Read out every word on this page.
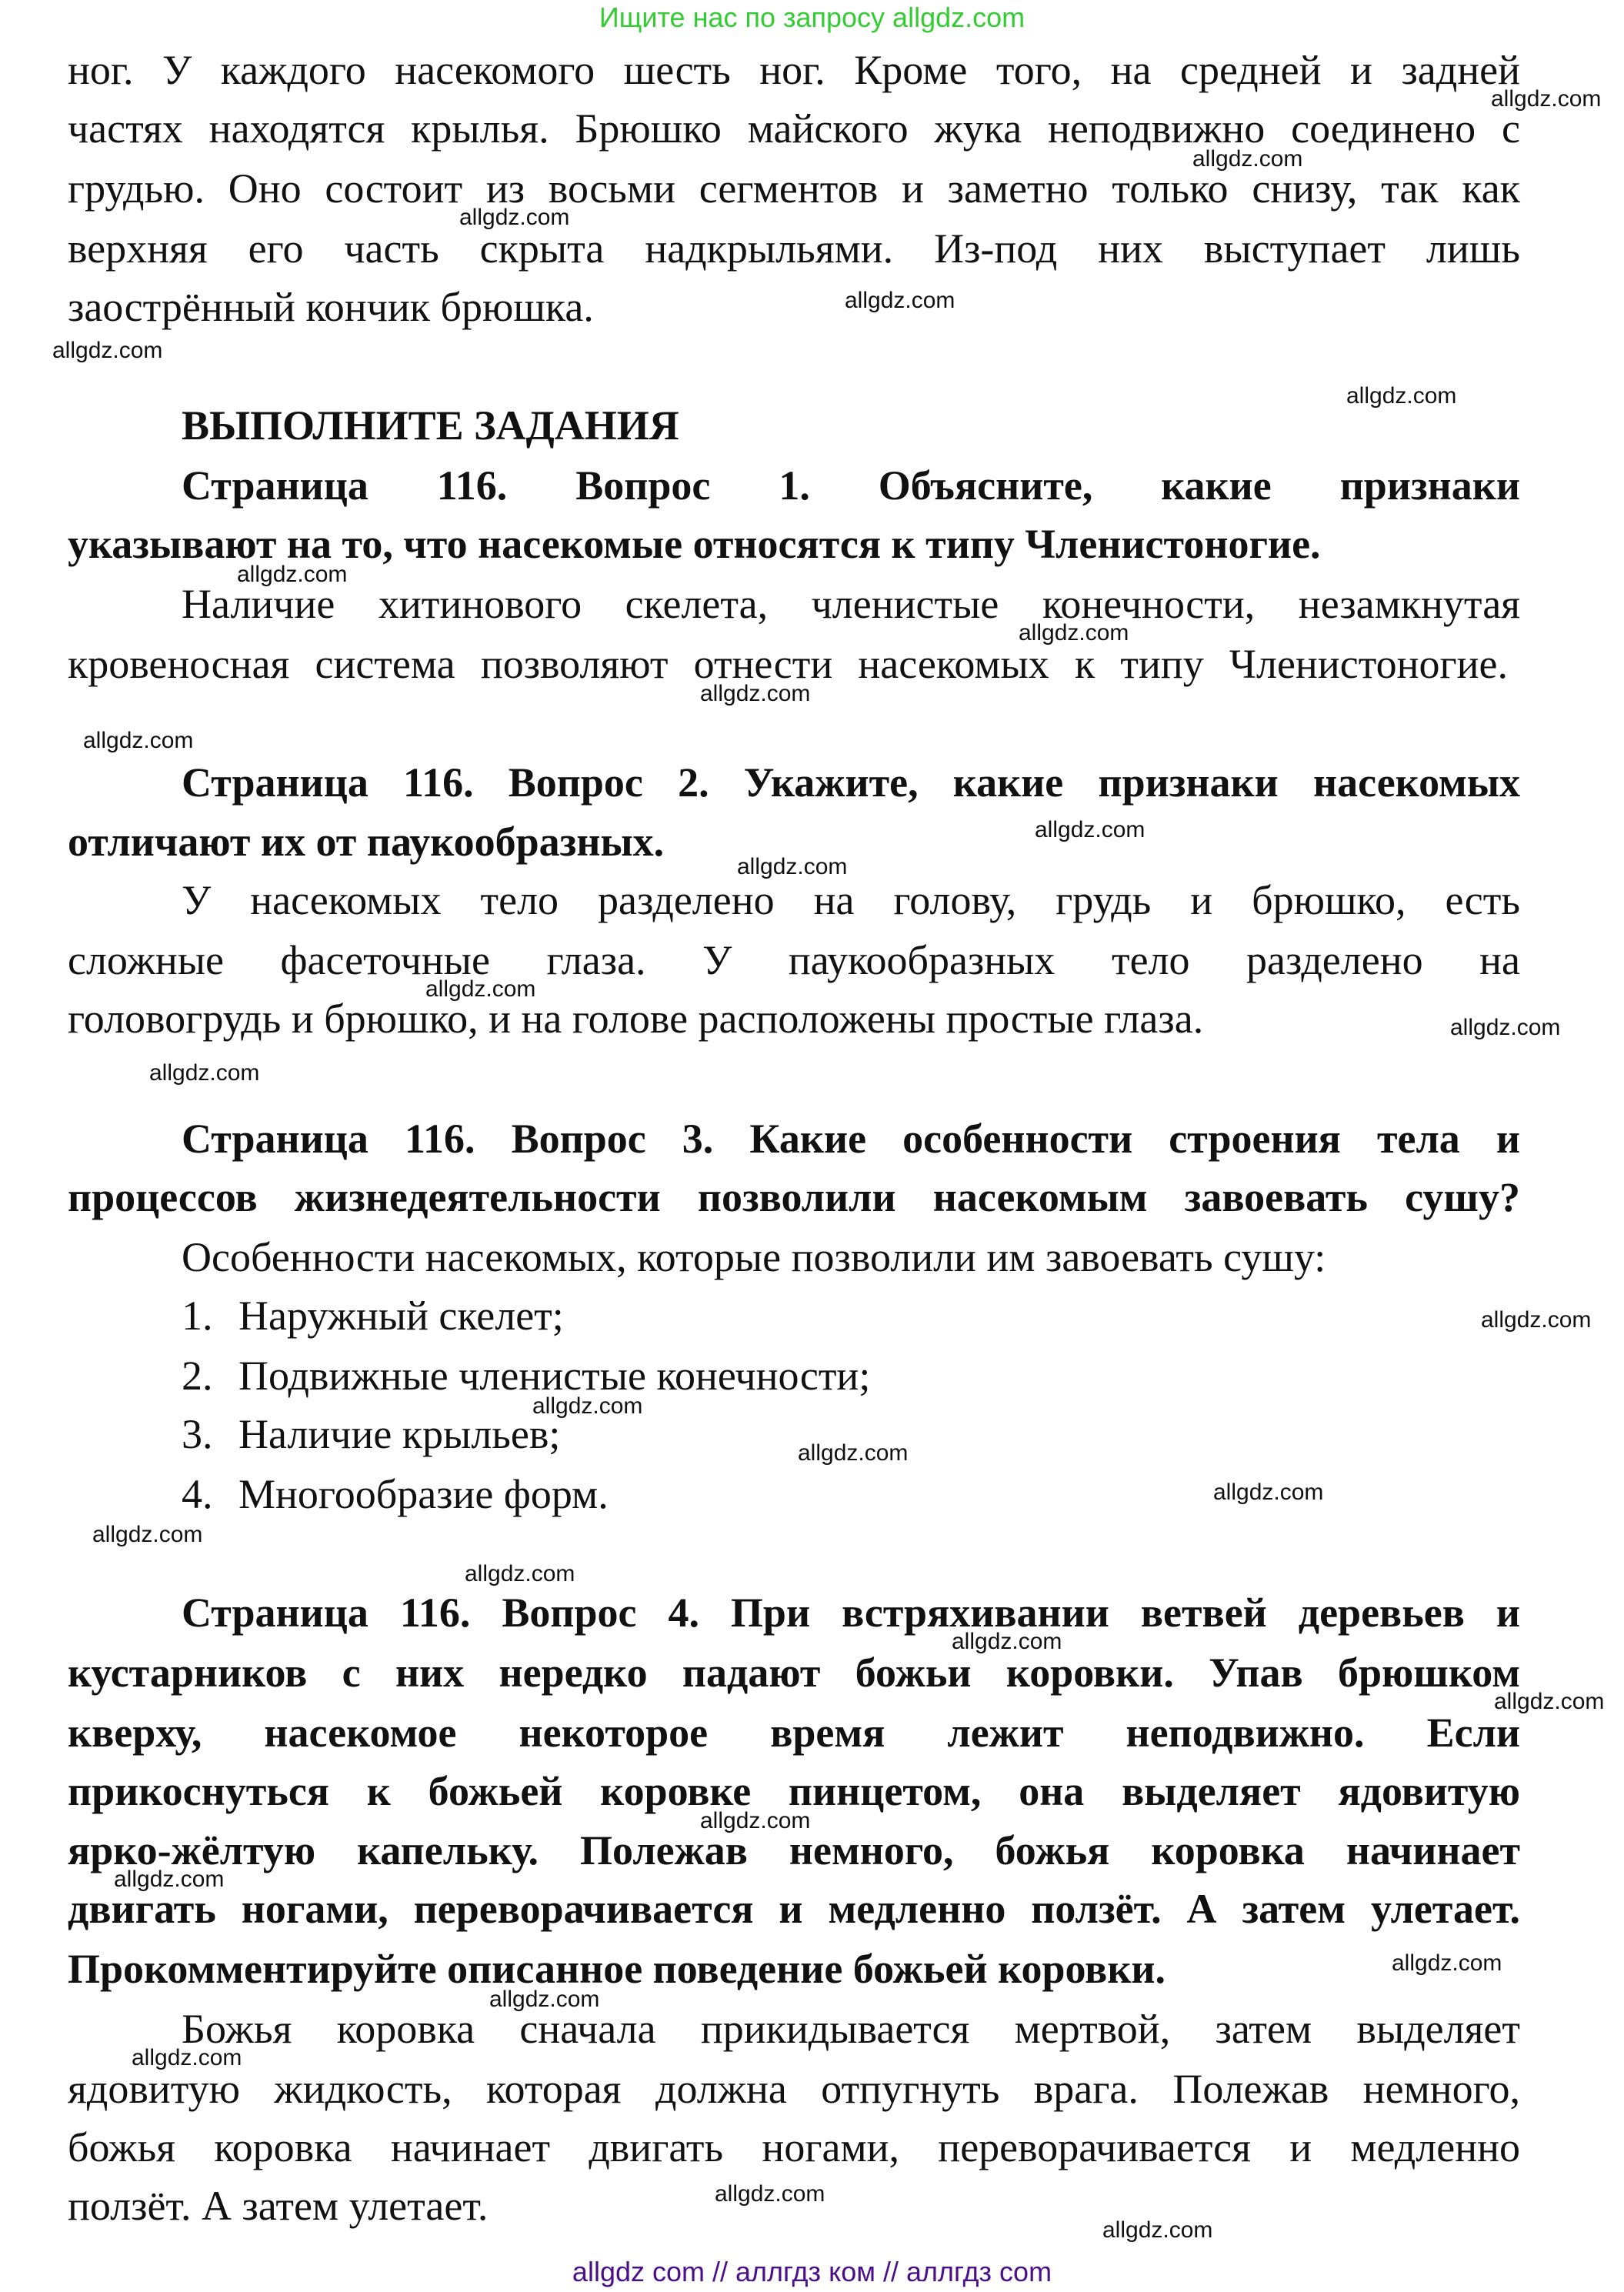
Ищите нас по запросу allgdz.com
ног. У каждого насекомого шесть ног. Кроме того, на средней и задней
частях находятся крылья. Брюшко майского жука неподвижно соединено с
грудью. Оно состоит из восьми сегментов и заметно только снизу, так как
верхняя его часть скрыта надкрыльями. Из-под них выступает лишь
заострённый кончик брюшка.
ВЫПОЛНИТЕ ЗАДАНИЯ
Страница 116. Вопрос 1. Объясните, какие признаки
указывают на то, что насекомые относятся к типу Членистоногие.
Наличие хитинового скелета, членистые конечности, незамкнутая
кровеносная система позволяют отнести насекомых к типу Членистоногие.
Страница 116. Вопрос 2. Укажите, какие признаки насекомых
отличают их от паукообразных.
У насекомых тело разделено на голову, грудь и брюшко, есть
сложные фасеточные глаза. У паукообразных тело разделено на
головогрудь и брюшко, и на голове расположены простые глаза.
Страница 116. Вопрос 3. Какие особенности строения тела и
процессов жизнедеятельности позволили насекомым завоевать сушу?
Особенности насекомых, которые позволили им завоевать сушу:
1. Наружный скелет;
2. Подвижные членистые конечности;
3. Наличие крыльев;
4. Многообразие форм.
Страница 116. Вопрос 4. При встряхивании ветвей деревьев и
кустарников с них нередко падают божьи коровки. Упав брюшком
кверху, насекомое некоторое время лежит неподвижно. Если
прикоснуться к божьей коровке пинцетом, она выделяет ядовитую
ярко-жёлтую капельку. Полежав немного, божья коровка начинает
двигать ногами, переворачивается и медленно ползёт. А затем улетает.
Прокомментируйте описанное поведение божьей коровки.
Божья коровка сначала прикидывается мертвой, затем выделяет
ядовитую жидкость, которая должна отпугнуть врага. Полежав немного,
божья коровка начинает двигать ногами, переворачивается и медленно
ползёт. А затем улетает.
allgdz.com
allgdz.com
allgdz.com
allgdz.com
allgdz.com
allgdz.com
allgdz.com
allgdz.com
allgdz.com
allgdz.com
allgdz.com
allgdz.com
allgdz.com
allgdz.com
allgdz.com
allgdz.com
allgdz.com
allgdz.com
allgdz.com
allgdz.com
allgdz.com
allgdz.com
allgdz.com
allgdz.com
allgdz.com
allgdz.com
allgdz.com
allgdz.com
allgdz.com
allgdz.com
allgdz com // аллгдз ком // аллгдз com
